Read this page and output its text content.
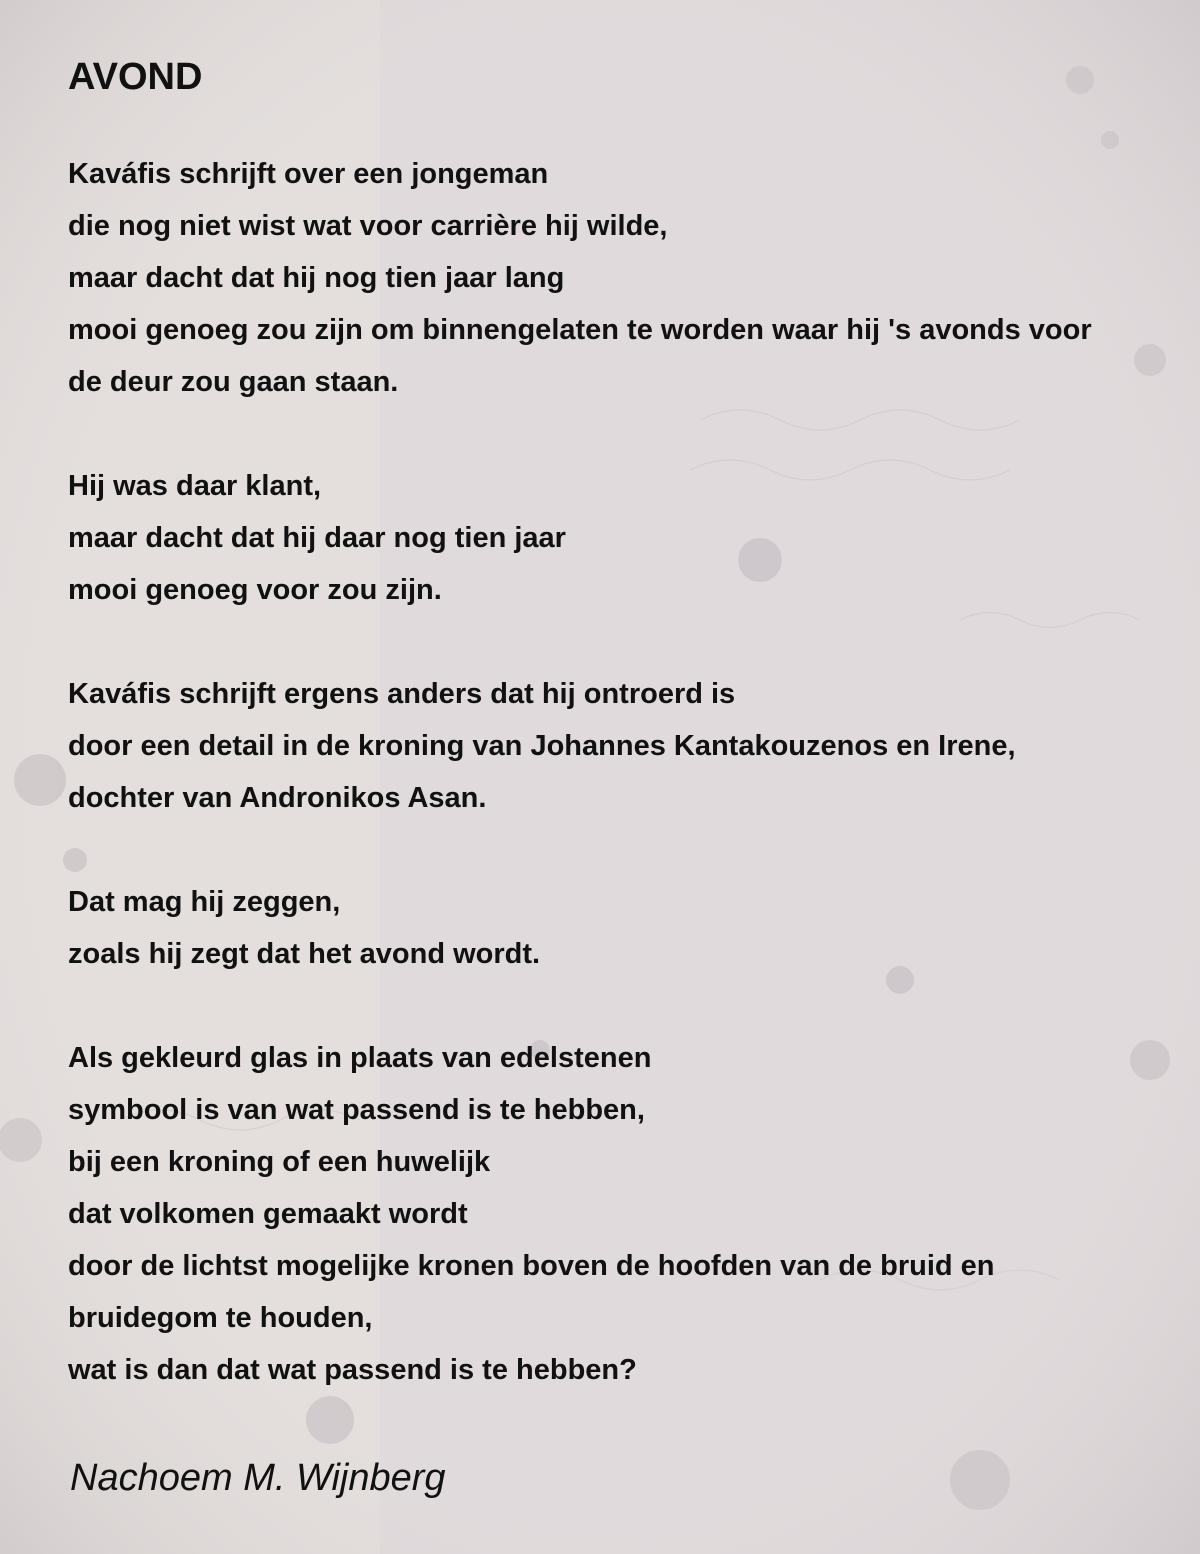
AVOND
Kaváfis schrijft over een jongeman
die nog niet wist wat voor carrière hij wilde,
maar dacht dat hij nog tien jaar lang
mooi genoeg zou zijn om binnengelaten te worden waar hij 's avonds voor
de deur zou gaan staan.
Hij was daar klant,
maar dacht dat hij daar nog tien jaar
mooi genoeg voor zou zijn.
Kaváfis schrijft ergens anders dat hij ontroerd is
door een detail in de kroning van Johannes Kantakouzenos en Irene,
dochter van Andronikos Asan.
Dat mag hij zeggen,
zoals hij zegt dat het avond wordt.
Als gekleurd glas in plaats van edelstenen
symbool is van wat passend is te hebben,
bij een kroning of een huwelijk
dat volkomen gemaakt wordt
door de lichtst mogelijke kronen boven de hoofden van de bruid en
bruidegom te houden,
wat is dan dat wat passend is te hebben?

Nachoem M. Wijnberg
